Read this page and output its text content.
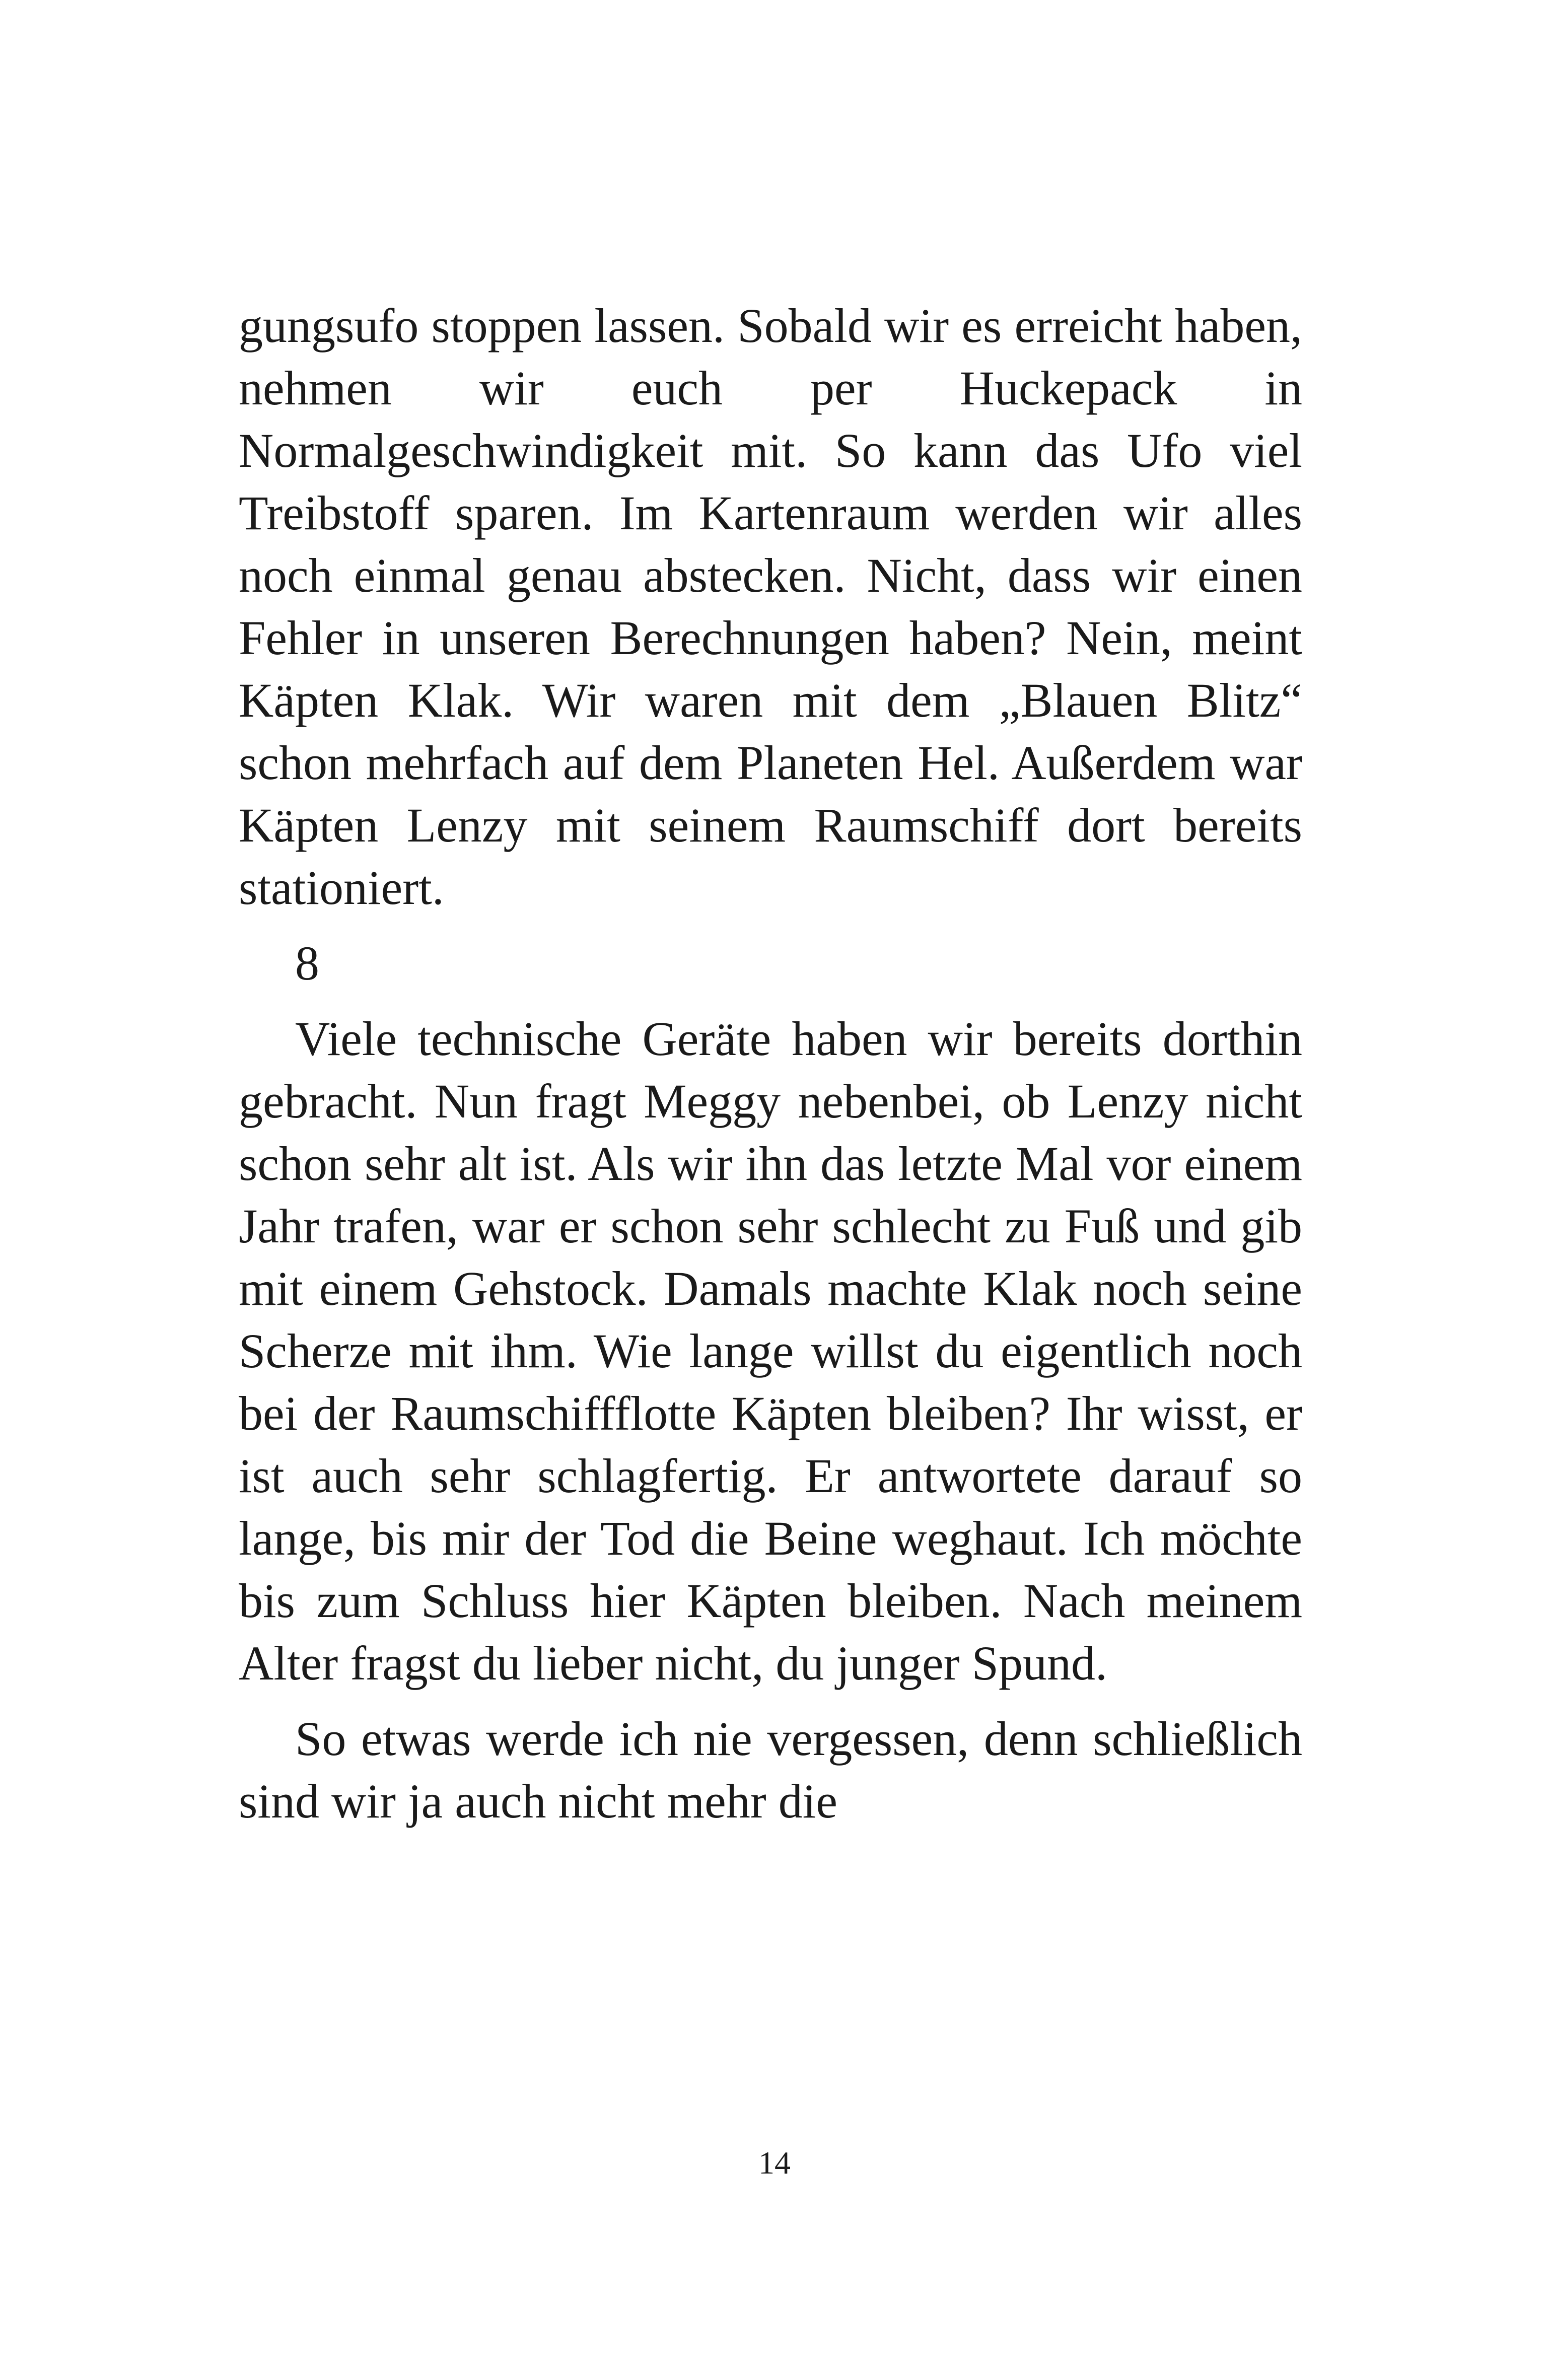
gungsufo stoppen lassen. Sobald wir es erreicht haben, nehmen wir euch per Huckepack in Normalgeschwindigkeit mit. So kann das Ufo viel Treibstoff sparen. Im Kartenraum werden wir alles noch einmal genau abstecken. Nicht, dass wir einen Fehler in unseren Berechnungen haben? Nein, meint Käpten Klak. Wir waren mit dem „Blauen Blitz“ schon mehrfach auf dem Planeten Hel. Außerdem war Käpten Lenzy mit seinem Raumschiff dort bereits stationiert.

8

Viele technische Geräte haben wir bereits dorthin gebracht. Nun fragt Meggy nebenbei, ob Lenzy nicht schon sehr alt ist. Als wir ihn das letzte Mal vor einem Jahr trafen, war er schon sehr schlecht zu Fuß und gib mit einem Gehstock. Damals machte Klak noch seine Scherze mit ihm. Wie lange willst du eigentlich noch bei der Raumschiffflotte Käpten bleiben? Ihr wisst, er ist auch sehr schlagfertig. Er antwortete darauf so lange, bis mir der Tod die Beine weghaut. Ich möchte bis zum Schluss hier Käpten bleiben. Nach meinem Alter fragst du lieber nicht, du junger Spund.

So etwas werde ich nie vergessen, denn schließlich sind wir ja auch nicht mehr die

14
